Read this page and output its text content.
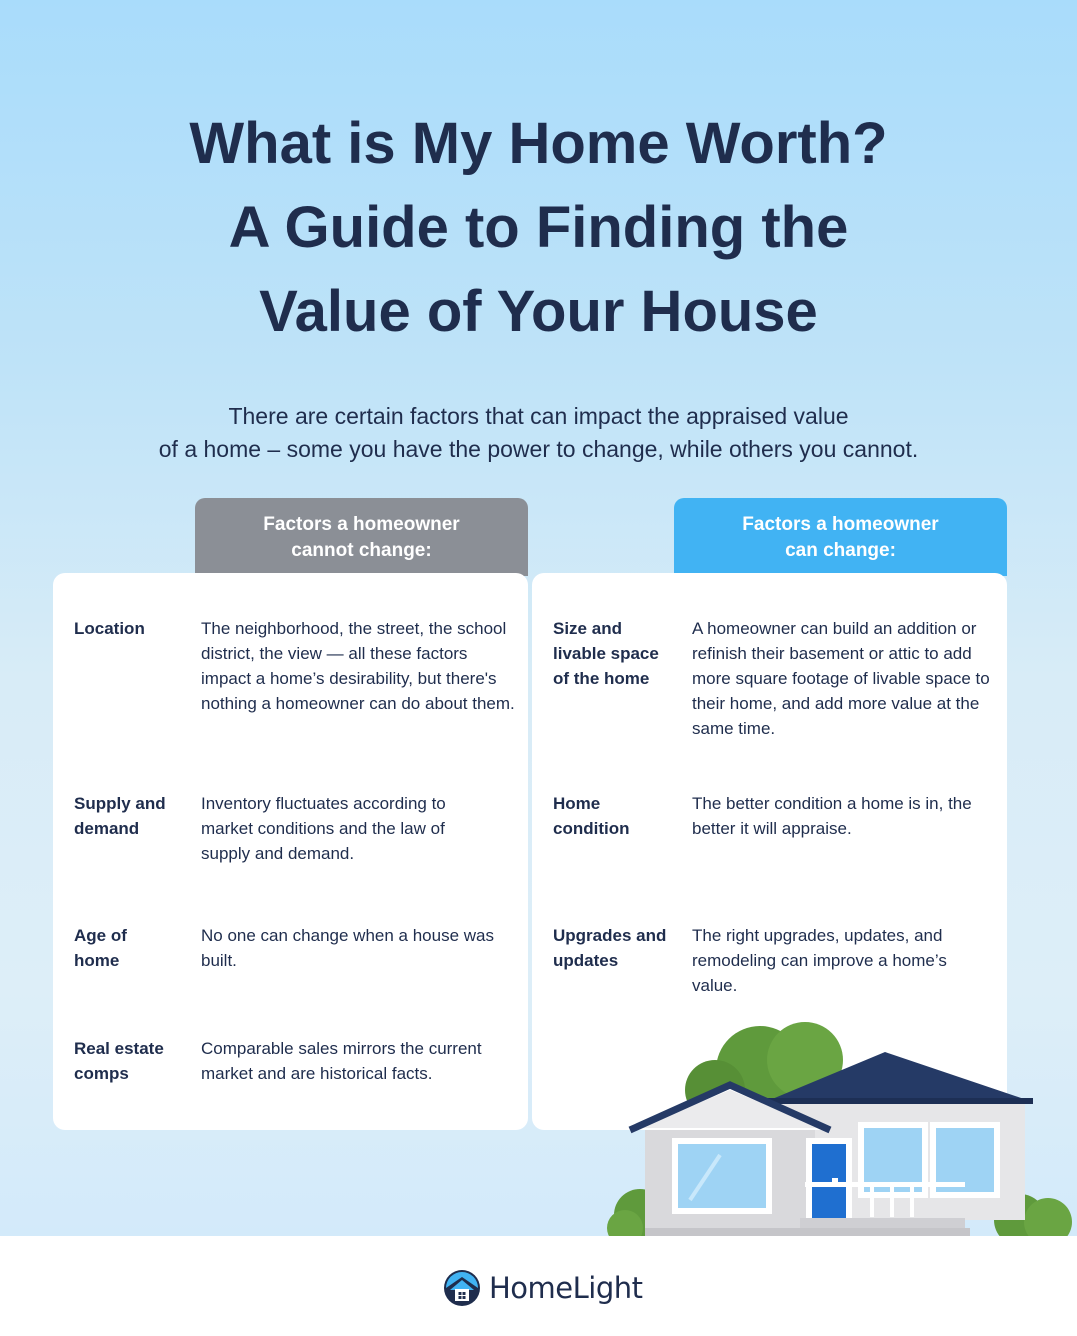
What is My Home Worth?
A Guide to Finding the
Value of Your House

There are certain factors that can impact the appraised value
of a home – some you have the power to change, while others you cannot.

Factors a homeowner
cannot change:
Factors a homeowner
can change:
Location	The neighborhood, the street, the school district, the view — all these factors impact a home’s desirability, but there's nothing a homeowner can do about them.
Supply and demand
Inventory fluctuates according to market conditions and the law of supply and demand.
Age of home
No one can change when a house was built.
Real estate comps
Comparable sales mirrors the current market and are historical facts.
Size and livable space of the home
A homeowner can build an addition or refinish their basement or attic to add more square footage of livable space to their home, and add more value at the same time.
Home condition
The better condition a home is in, the better it will appraise.
Upgrades and updates
The right upgrades, updates, and remodeling can improve a home’s value.
HomeLight
